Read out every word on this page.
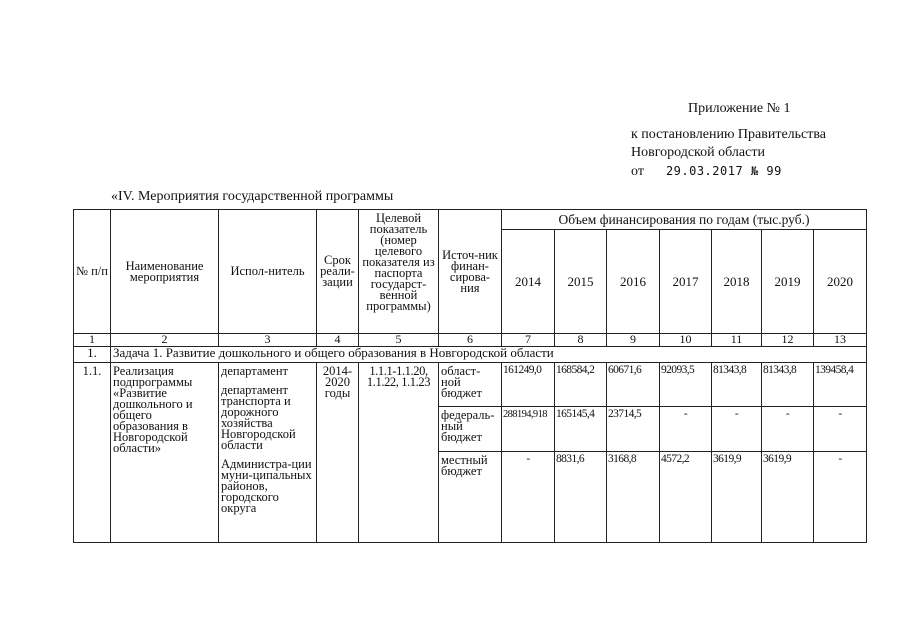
Приложение № 1
к постановлению Правительства
Новгородской области
от 29.03.2017 № 99
«IV. Мероприятия государственной программы
№ п/п	Наименование мероприятия	Испол-нитель	Срок реали-зации	Целевой показатель (номер целевого показателя из паспорта государст-венной программы)	Источ-ник финан-сирова-ния	Объем финансирования по годам (тыс.руб.)						
						2014	2015	2016	2017	2018	2019	2020
1	2	3	4	5	6	7	8	9	10	11	12	13
1.	Задача 1. Развитие дошкольного и общего образования в Новгородской области											
1.1.	Реализация подпрограммы «Развитие дошкольного и общего образования в Новгородской области»	департамент
департамент транспорта и дорожного хозяйства Новгородской области
Администра-ции муни-ципальных районов, городского округа	2014-2020 годы	1.1.1-1.1.20, 1.1.22, 1.1.23	област-ной бюджет	161249,0	168584,2	60671,6	92093,5	81343,8	81343,8	139458,4
					федераль-ный бюджет	288194,918	165145,4	23714,5	-	-	-	-
					местный бюджет	-	8831,6	3168,8	4572,2	3619,9	3619,9	-
